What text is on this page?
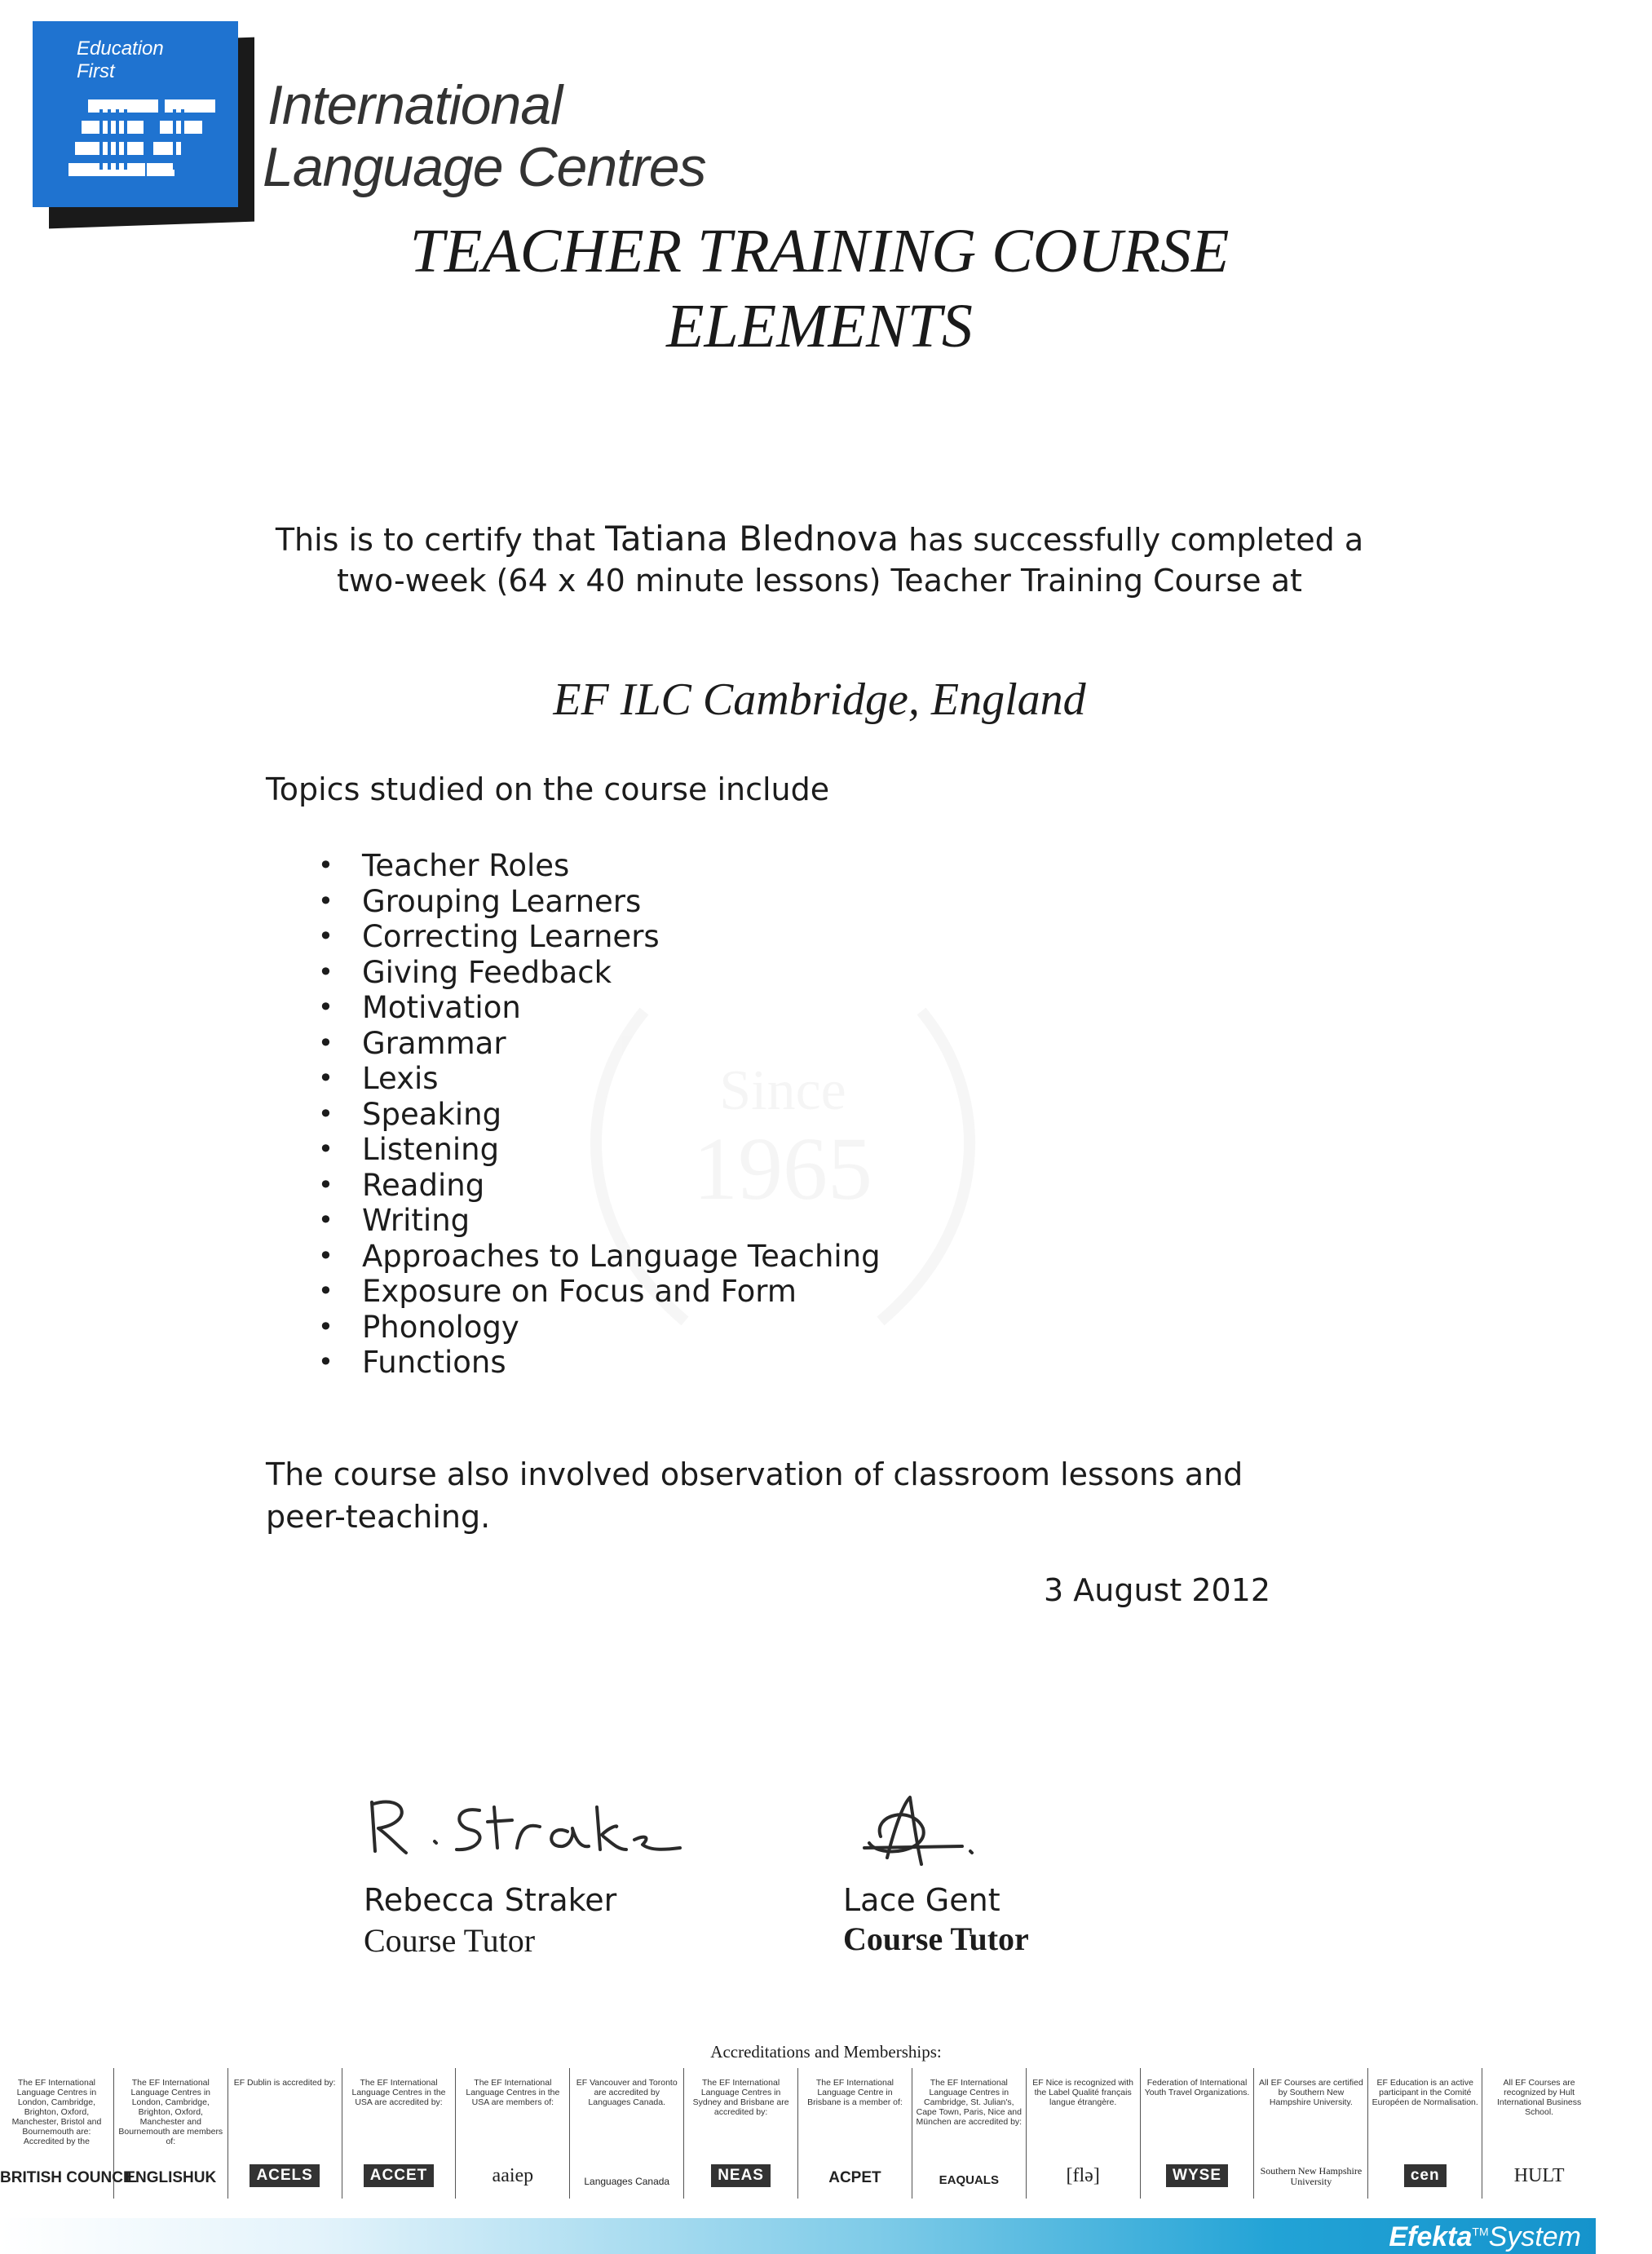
Education First
International
Language Centres
TEACHER TRAINING COURSE
ELEMENTS
Since
1965
This is to certify that Tatiana Blednova has successfully completed a two-week (64 x 40 minute lessons) Teacher Training Course at
EF ILC Cambridge, England
Topics studied on the course include
• Teacher Roles
• Grouping Learners
• Correcting Learners
• Giving Feedback
• Motivation
• Grammar
• Lexis
• Speaking
• Listening
• Reading
• Writing
• Approaches to Language Teaching
• Exposure on Focus and Form
• Phonology
• Functions
The course also involved observation of classroom lessons and peer-teaching.
3 August 2012
Rebecca Straker
Course Tutor
Lace Gent
Course Tutor
Accreditations and Memberships:
The EF International Language Centres in London, Cambridge, Brighton, Oxford, Manchester, Bristol and Bournemouth are: Accredited by the
BRITISH COUNCIL
The EF International Language Centres in London, Cambridge, Brighton, Oxford, Manchester and Bournemouth are members of:
ENGLISHUK
EF Dublin is accredited by:
ACELS
The EF International Language Centres in the USA are accredited by:
ACCET
The EF International Language Centres in the USA are members of:
aaiep
EF Vancouver and Toronto are accredited by Languages Canada.
Languages Canada
The EF International Language Centres in Sydney and Brisbane are accredited by:
NEAS
The EF International Language Centre in Brisbane is a member of:
ACPET
The EF International Language Centres in Cambridge, St. Julian's, Cape Town, Paris, Nice and München are accredited by:
EAQUALS
EF Nice is recognized with the Label Qualité français langue étrangère.
[flə]
Federation of International Youth Travel Organizations.
WYSE
All EF Courses are certified by Southern New Hampshire University.
Southern New Hampshire University
EF Education is an active participant in the Comité Européen de Normalisation.
cen
All EF Courses are recognized by Hult International Business School.
HULT
Efekta™System
